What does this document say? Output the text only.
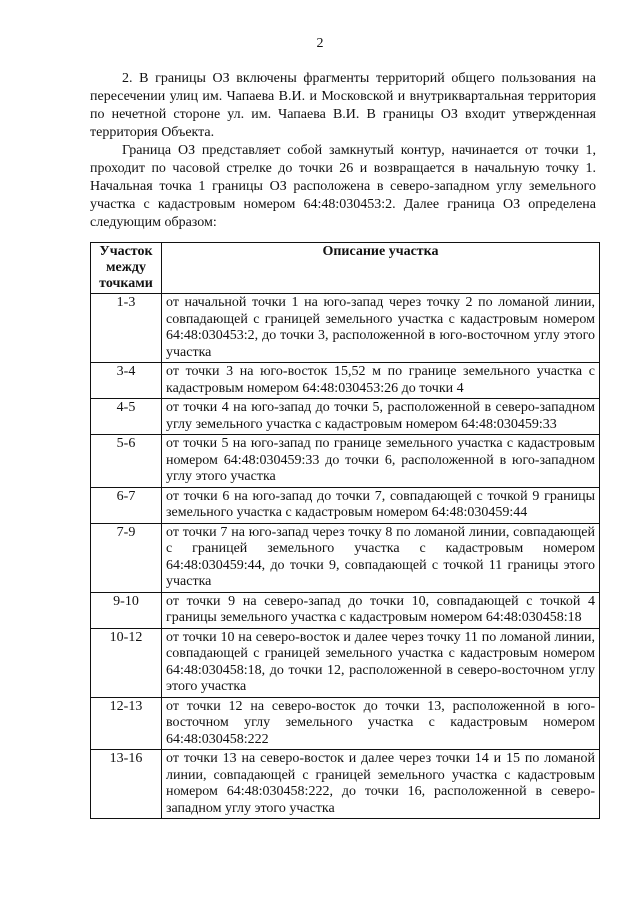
2

2. В границы ОЗ включены фрагменты территорий общего пользования на пересечении улиц им. Чапаева В.И. и Московской и внутриквартальная территория по нечетной стороне ул. им. Чапаева В.И. В границы ОЗ входит утвержденная территория Объекта.

Граница ОЗ представляет собой замкнутый контур, начинается от точки 1, проходит по часовой стрелке до точки 26 и возвращается в начальную точку 1. Начальная точка 1 границы ОЗ расположена в северо-западном углу земельного участка с кадастровым номером 64:48:030453:2. Далее граница ОЗ определена следующим образом:

Участок между точками	Описание участка
1-3	от начальной точки 1 на юго-запад через точку 2 по ломаной линии, совпадающей с границей земельного участка с кадастровым номером 64:48:030453:2, до точки 3, расположенной в юго-восточном углу этого участка
3-4	от точки 3 на юго-восток 15,52 м по границе земельного участка с кадастровым номером 64:48:030453:26 до точки 4
4-5	от точки 4 на юго-запад до точки 5, расположенной в северо-западном углу земельного участка с кадастровым номером 64:48:030459:33
5-6	от точки 5 на юго-запад по границе земельного участка с кадастровым номером 64:48:030459:33 до точки 6, расположенной в юго-западном углу этого участка
6-7	от точки 6 на юго-запад до точки 7, совпадающей с точкой 9 границы земельного участка с кадастровым номером 64:48:030459:44
7-9	от точки 7 на юго-запад через точку 8 по ломаной линии, совпадающей с границей земельного участка с кадастровым номером 64:48:030459:44, до точки 9, совпадающей с точкой 11 границы этого участка
9-10	от точки 9 на северо-запад до точки 10, совпадающей с точкой 4 границы земельного участка с кадастровым номером 64:48:030458:18
10-12	от точки 10 на северо-восток и далее через точку 11 по ломаной линии, совпадающей с границей земельного участка с кадастровым номером 64:48:030458:18, до точки 12, расположенной в северо-восточном углу этого участка
12-13	от точки 12 на северо-восток до точки 13, расположенной в юго-восточном углу земельного участка с кадастровым номером 64:48:030458:222
13-16	от точки 13 на северо-восток и далее через точки 14 и 15 по ломаной линии, совпадающей с границей земельного участка с кадастровым номером 64:48:030458:222, до точки 16, расположенной в северо-западном углу этого участка
